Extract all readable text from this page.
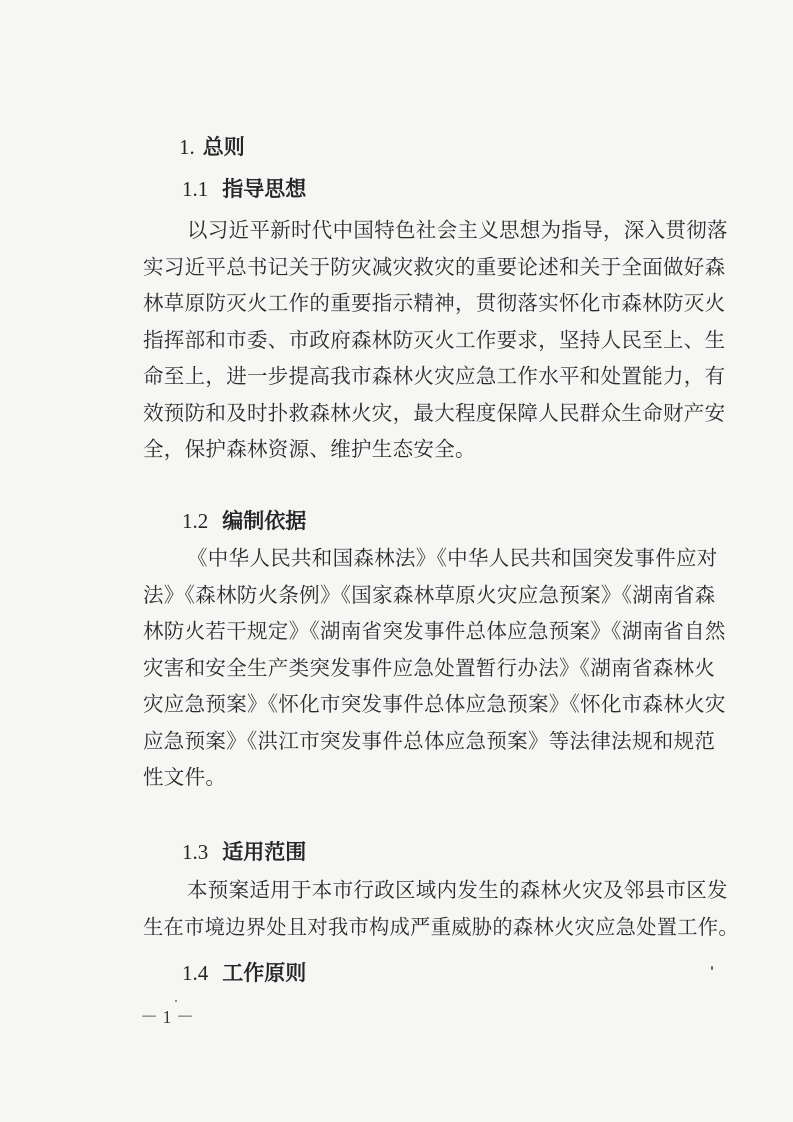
1. 总则
1.1 指导思想
以习近平新时代中国特色社会主义思想为指导，深入贯彻落
实习近平总书记关于防灾减灾救灾的重要论述和关于全面做好森
林草原防灭火工作的重要指示精神，贯彻落实怀化市森林防灭火
指挥部和市委、市政府森林防灭火工作要求，坚持人民至上、生
命至上，进一步提高我市森林火灾应急工作水平和处置能力，有
效预防和及时扑救森林火灾，最大程度保障人民群众生命财产安
全，保护森林资源、维护生态安全。
1.2 编制依据
《中华人民共和国森林法》《中华人民共和国突发事件应对
法》《森林防火条例》《国家森林草原火灾应急预案》《湖南省森
林防火若干规定》《湖南省突发事件总体应急预案》《湖南省自然
灾害和安全生产类突发事件应急处置暂行办法》《湖南省森林火
灾应急预案》《怀化市突发事件总体应急预案》《怀化市森林火灾
应急预案》《洪江市突发事件总体应急预案》等法律法规和规范
性文件。
1.3 适用范围
本预案适用于本市行政区域内发生的森林火灾及邻县市区发
生在市境边界处且对我市构成严重威胁的森林火灾应急处置工作。
1.4 工作原则
－ 1 －
